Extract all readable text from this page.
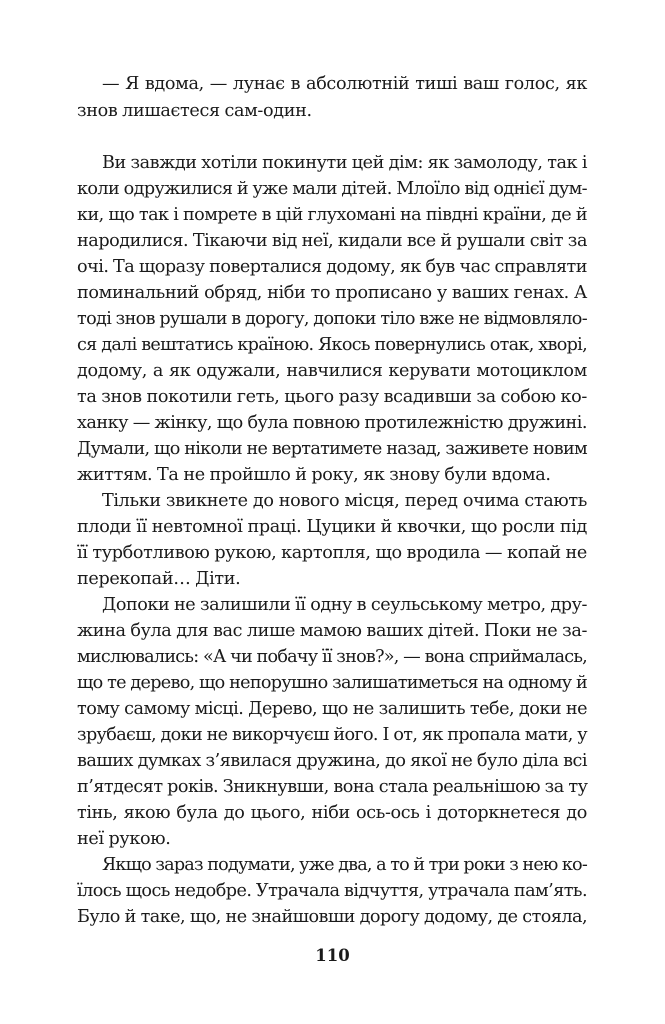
— Я вдома, — лунає в абсолютній тиші ваш голос, як
знов лишаєтеся сам-один.
Ви завжди хотіли покинути цей дім: як замолоду, так і
коли одружилися й уже мали дітей. Млоїло від однієї дум-
ки, що так і помрете в цій глухомані на півдні країни, де й
народилися. Тікаючи від неї, кидали все й рушали світ за
очі. Та щоразу поверталися додому, як був час справляти
поминальний обряд, ніби то прописано у ваших генах. А
тоді знов рушали в дорогу, допоки тіло вже не відмовляло-
ся далі вештатись країною. Якось повернулись отак, хворі,
додому, а як одужали, навчилися керувати мотоциклом
та знов покотили геть, цього разу всадивши за собою ко-
ханку — жінку, що була повною протилежністю дружині.
Думали, що ніколи не вертатимете назад, заживете новим
життям. Та не пройшло й року, як знову були вдома.
Тільки звикнете до нового місця, перед очима стають
плоди її невтомної праці. Цуцики й квочки, що росли під
її турботливою рукою, картопля, що вродила — копай не
перекопай… Діти.
Допоки не залишили її одну в сеульському метро, дру-
жина була для вас лише мамою ваших дітей. Поки не за-
мислювались: «А чи побачу її знов?», — вона сприймалась,
що те дерево, що непорушно залишатиметься на одному й
тому самому місці. Дерево, що не залишить тебе, доки не
зрубаєш, доки не викорчуєш його. І от, як пропала мати, у
ваших думках з’явилася дружина, до якої не було діла всі
п’ятдесят років. Зникнувши, вона стала реальнішою за ту
тінь, якою була до цього, ніби ось-ось і доторкнетеся до
неї рукою.
Якщо зараз подумати, уже два, а то й три роки з нею ко-
їлось щось недобре. Утрачала відчуття, утрачала пам’ять.
Було й таке, що, не знайшовши дорогу додому, де стояла,
110
